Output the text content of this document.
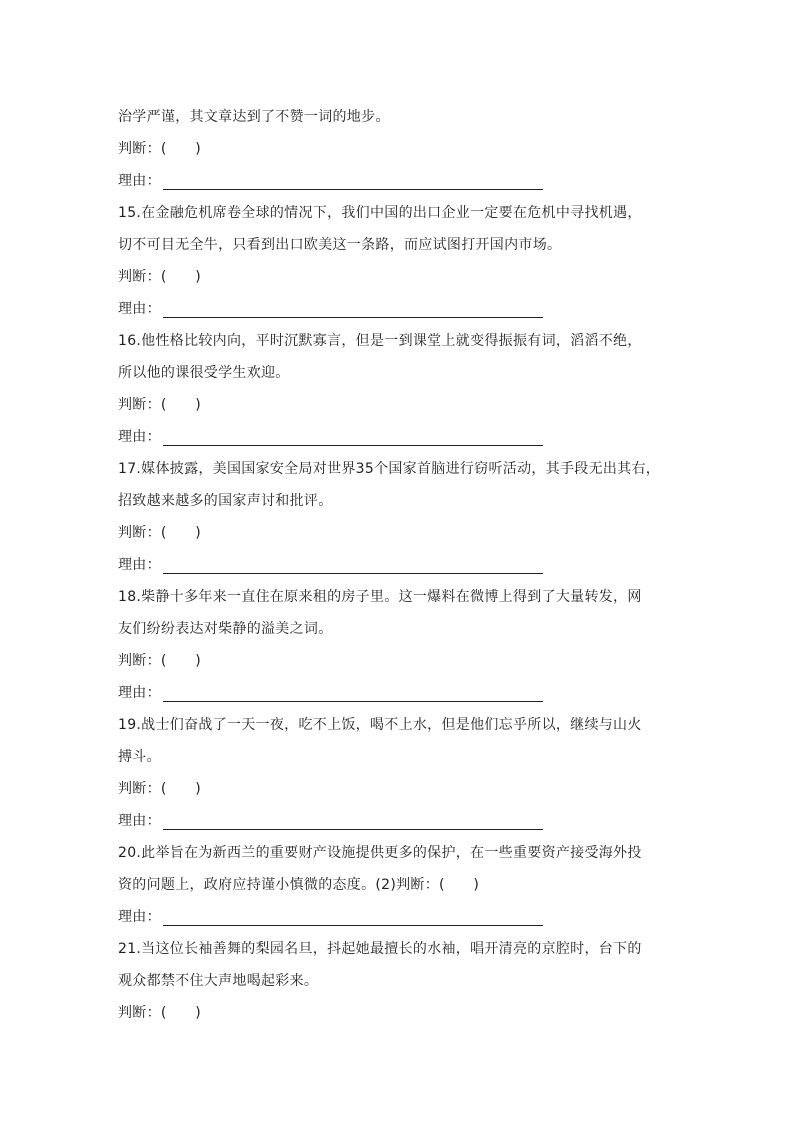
治学严谨，其文章达到了不赞一词的地步。
判断：(　　)
理由：
15.在金融危机席卷全球的情况下，我们中国的出口企业一定要在危机中寻找机遇，
切不可目无全牛，只看到出口欧美这一条路，而应试图打开国内市场。
判断：(　　)
理由：
16.他性格比较内向，平时沉默寡言，但是一到课堂上就变得振振有词，滔滔不绝，
所以他的课很受学生欢迎。
判断：(　　)
理由：
17.媒体披露，美国国家安全局对世界35个国家首脑进行窃听活动，其手段无出其右，
招致越来越多的国家声讨和批评。
判断：(　　)
理由：
18.柴静十多年来一直住在原来租的房子里。这一爆料在微博上得到了大量转发，网
友们纷纷表达对柴静的溢美之词。
判断：(　　)
理由：
19.战士们奋战了一天一夜，吃不上饭，喝不上水，但是他们忘乎所以，继续与山火
搏斗。
判断：(　　)
理由：
20.此举旨在为新西兰的重要财产设施提供更多的保护，在一些重要资产接受海外投
资的问题上，政府应持谨小慎微的态度。(2)判断：(　　)
理由：
21.当这位长袖善舞的梨园名旦，抖起她最擅长的水袖，唱开清亮的京腔时，台下的
观众都禁不住大声地喝起彩来。
判断：(　　)
